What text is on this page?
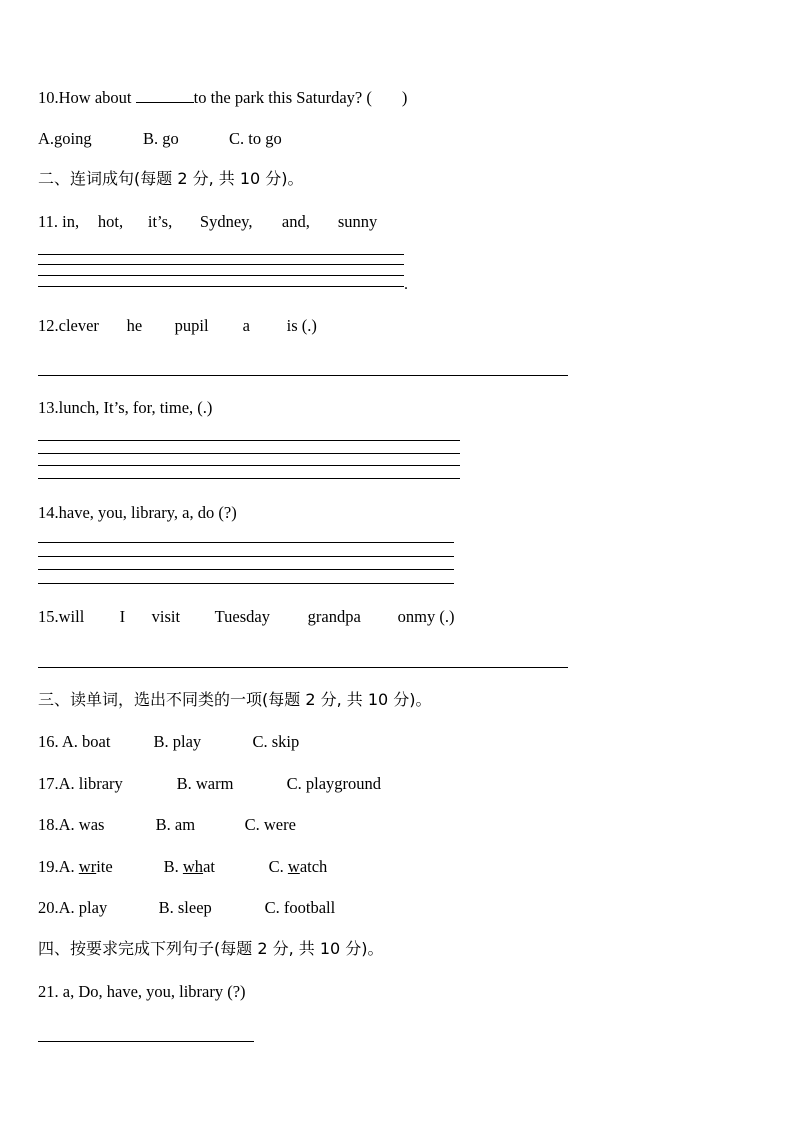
10.How about	to the park this Saturday? ( )
A.going	B. go	C. to go
二、连词成句(每题 2 分, 共 10 分)。
11. in, hot, it’s, Sydney, and, sunny
.
12.clever he pupil a is (.)
13.lunch, It’s, for, time, (.)
14.have, you, library, a, do (?)
15.will I visit Tuesday grandpa onmy (.)
三、读单词，选出不同类的一项(每题 2 分, 共 10 分)。
16. A. boat	B. play	C. skip
17.A. library	B. warm	C. playground
18.A. was	B. am	C. were
19.A. write	B. what	C. watch
20.A. play	B. sleep	C. football
四、按要求完成下列句子(每题 2 分, 共 10 分)。
21. a, Do, have, you, library (?)
